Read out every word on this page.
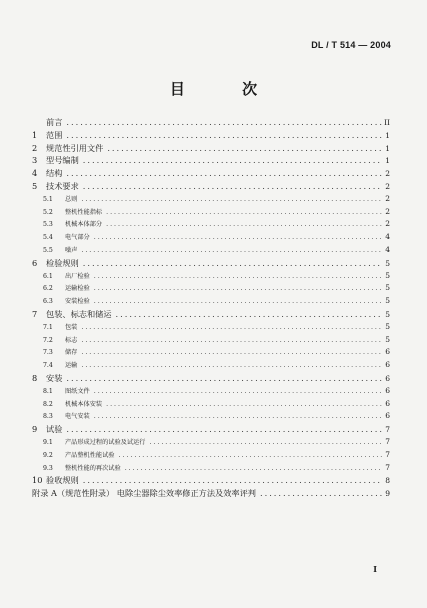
DL / T 514 — 2004
目 次
前言 .....	II
1	范围 .....	1
2	规范性引用文件 .....	1
3	型号编制 .....	1
4	结构 .....	2
5	技术要求 .....	2
5.1	总则 .....	2
5.2	整机性能指标 .....	2
5.3	机械本体部分 .....	2
5.4	电气部分 .....	4
5.5	噪声 .....	4
6	检验规则 .....	5
6.1	出厂检验 .....	5
6.2	运输检验 .....	5
6.3	安装检验 .....	5
7	包装、标志和储运 .....	5
7.1	包装 .....	5
7.2	标志 .....	5
7.3	储存 .....	6
7.4	运输 .....	6
8	安装 .....	6
8.1	图纸文件 .....	6
8.2	机械本体安装 .....	6
8.3	电气安装 .....	6
9	试验 .....	7
9.1	产品形成过程的试验及试运行 .....	7
9.2	产品整机性能试验 .....	7
9.3	整机性能的再次试验 .....	7
10 验收规则 .....	8
附录 A（规范性附录） 电除尘器除尘效率修正方法及效率评判 .....	9
I
